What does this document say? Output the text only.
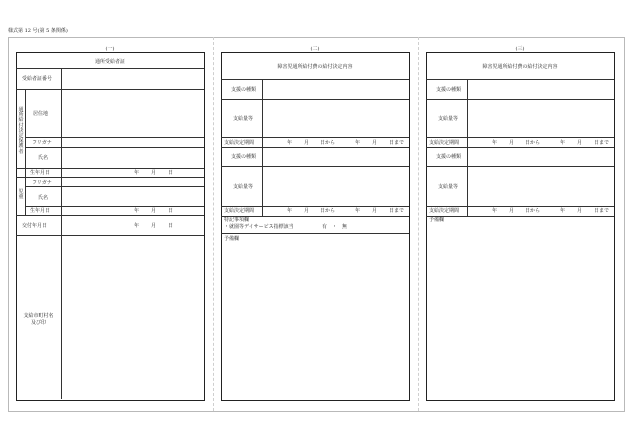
様式第 12 号(第 5 条関係)
(一)
通所受給者証
受給者証番号
通所給付決定保護者
居住地
フリガナ
氏名
生年月日	年 月 日
児童
フリガナ
氏名
生年月日	年 月 日
交付年月日	年 月 日
支給市町村名
及び印
(二)
障害児通所給付費の給付決定内容
支援の種類
支給量等
支給決定期間	年 月 日から	年 月 日まで
支援の種類
支給量等
支給決定期間	年 月 日から	年 月 日まで
特記事項欄
・就園等デイサービス指標該当	有 ・ 無
予備欄
(三)
障害児通所給付費の給付決定内容
支援の種類
支給量等
支給決定期間	年 月 日から	年 月 日まで
支援の種類
支給量等
支給決定期間	年 月 日から	年 月 日まで
予備欄
